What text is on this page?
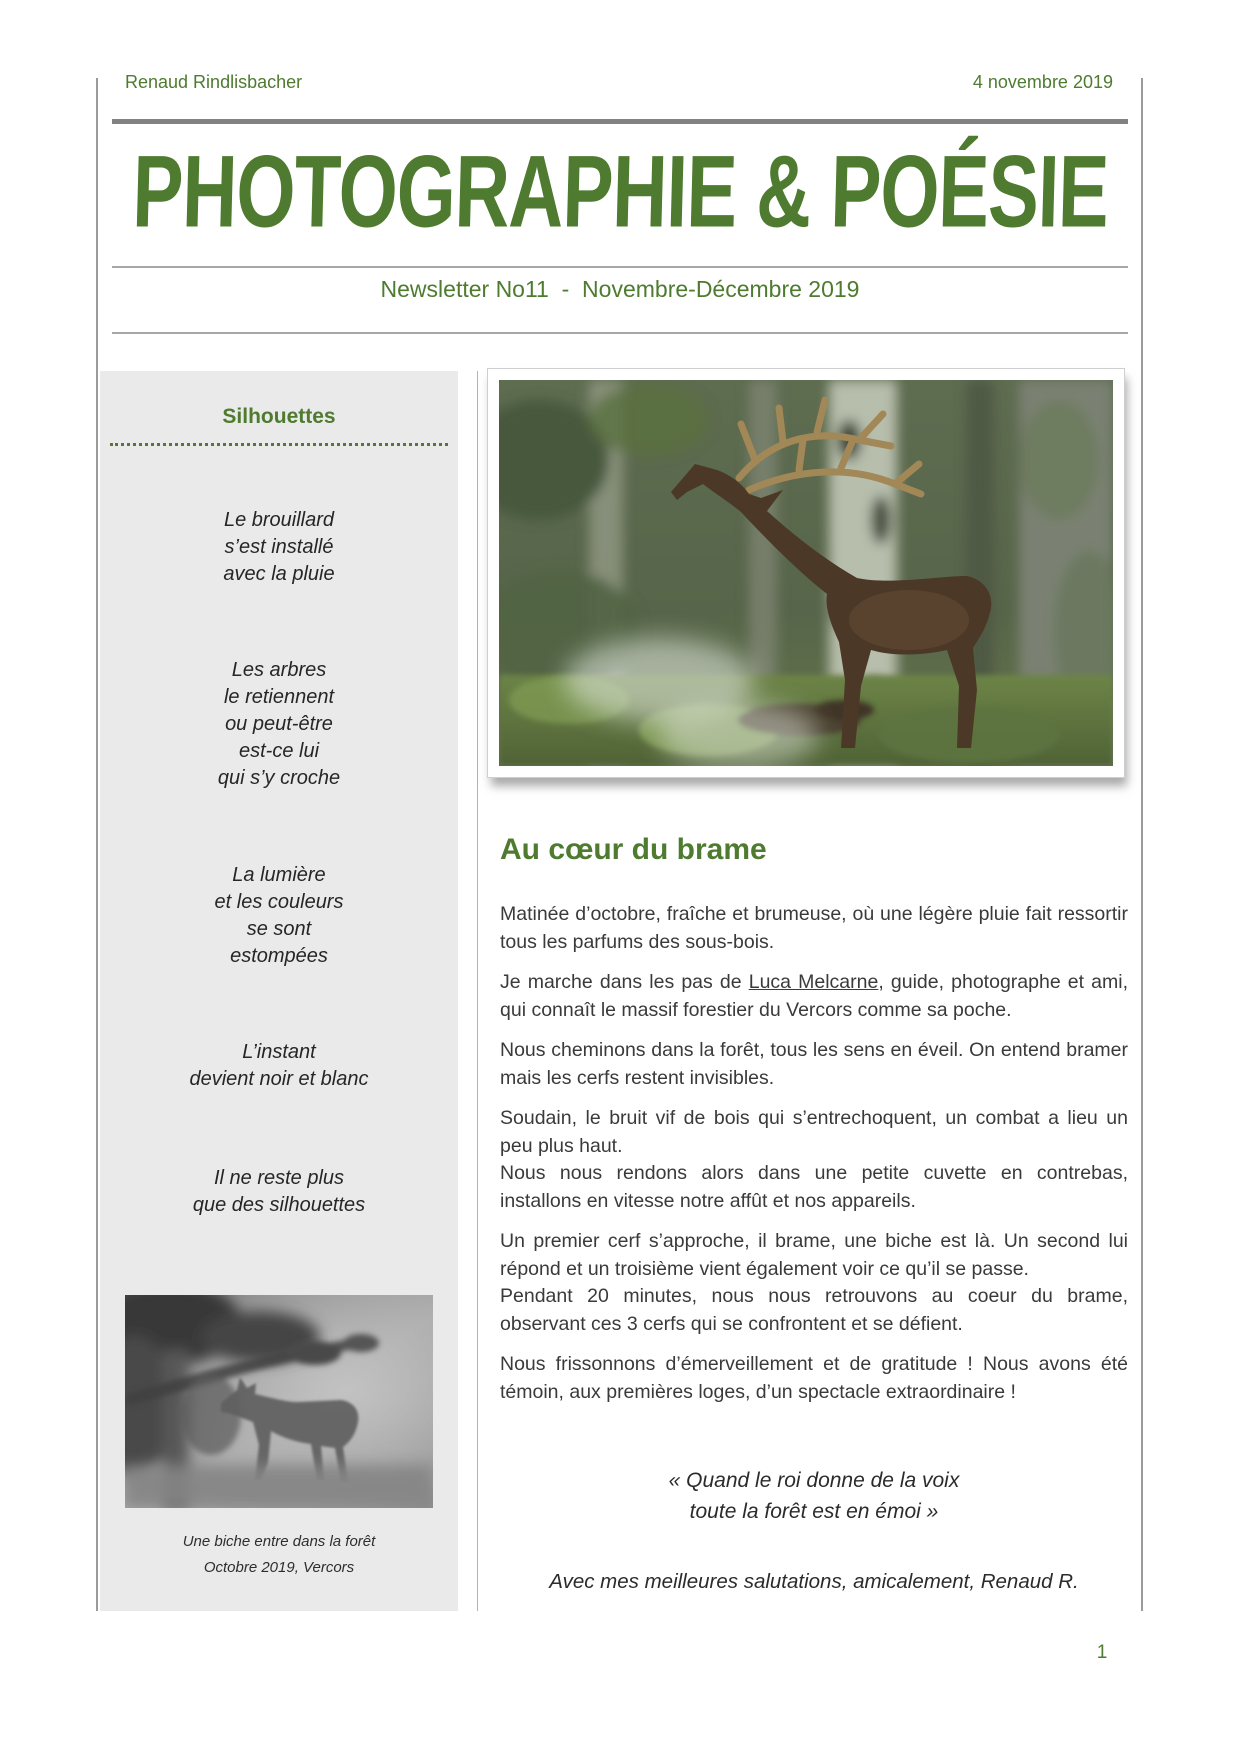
Renaud Rindlisbacher	4 novembre 2019
PHOTOGRAPHIE & POÉSIE
Newsletter No11  -  Novembre-Décembre 2019
Silhouettes
Le brouillard
s’est installé
avec la pluie
Les arbres
le retiennent
ou peut-être
est-ce lui
qui s’y croche
La lumière
et les couleurs
se sont
estompées
L’instant
devient noir et blanc
Il ne reste plus
que des silhouettes
Une biche entre dans la forêt
Octobre 2019, Vercors
Au cœur du brame

Matinée d’octobre, fraîche et brumeuse, où une légère pluie fait ressortir tous les parfums des sous-bois.

Je marche dans les pas de Luca Melcarne, guide, photographe et ami, qui connaît le massif forestier du Vercors comme sa poche.

Nous cheminons dans la forêt, tous les sens en éveil. On entend bramer mais les cerfs restent invisibles.

Soudain, le bruit vif de bois qui s’entrechoquent, un combat a lieu un peu plus haut.
Nous nous rendons alors dans une petite cuvette en contrebas, installons en vitesse notre affût et nos appareils.

Un premier cerf s’approche, il brame, une biche est là. Un second lui répond et un troisième vient également voir ce qu’il se passe.
Pendant 20 minutes, nous nous retrouvons au coeur du brame, observant ces 3 cerfs qui se confrontent et se défient.

Nous frissonnons d’émerveillement et de gratitude ! Nous avons été témoin, aux premières loges, d’un spectacle extraordinaire !

« Quand le roi donne de la voix
toute la forêt est en émoi »
Avec mes meilleures salutations, amicalement, Renaud R.
1
